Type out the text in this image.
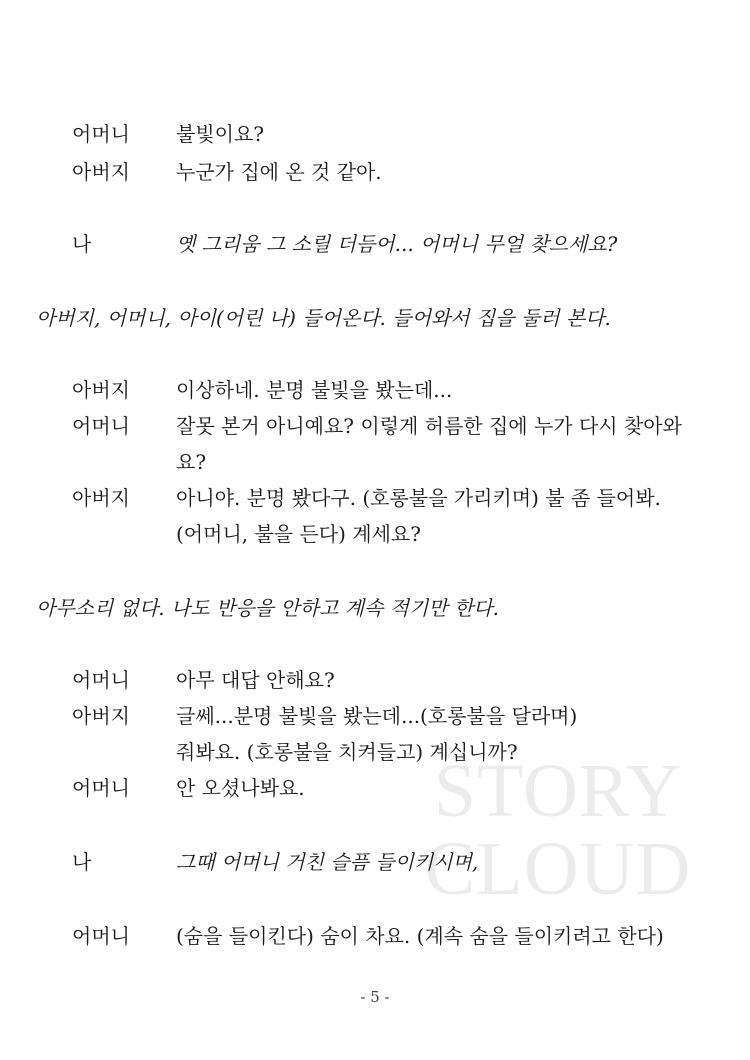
어머니	불빛이요?
아버지	누군가 집에 온 것 같아.
나	옛 그리움 그 소릴 더듬어... 어머니 무얼 찾으세요?
아버지, 어머니, 아이(어린 나) 들어온다. 들어와서 집을 둘러 본다.
아버지	이상하네. 분명 불빛을 봤는데...
어머니	잘못 본거 아니예요? 이렇게 허름한 집에 누가 다시 찾아와
요?
아버지	아니야. 분명 봤다구. (호롱불을 가리키며) 불 좀 들어봐.
(어머니, 불을 든다) 계세요?
아무소리 없다. 나도 반응을 안하고 계속 적기만 한다.
어머니	아무 대답 안해요?
아버지	글쎄...분명 불빛을 봤는데...(호롱불을 달라며)
줘봐요. (호롱불을 치켜들고) 계십니까?
어머니	안 오셨나봐요.
나	그때 어머니 거친 슬픔 들이키시며,
어머니	(숨을 들이킨다) 숨이 차요. (계속 숨을 들이키려고 한다)
STORY
CLOUD
- 5 -
